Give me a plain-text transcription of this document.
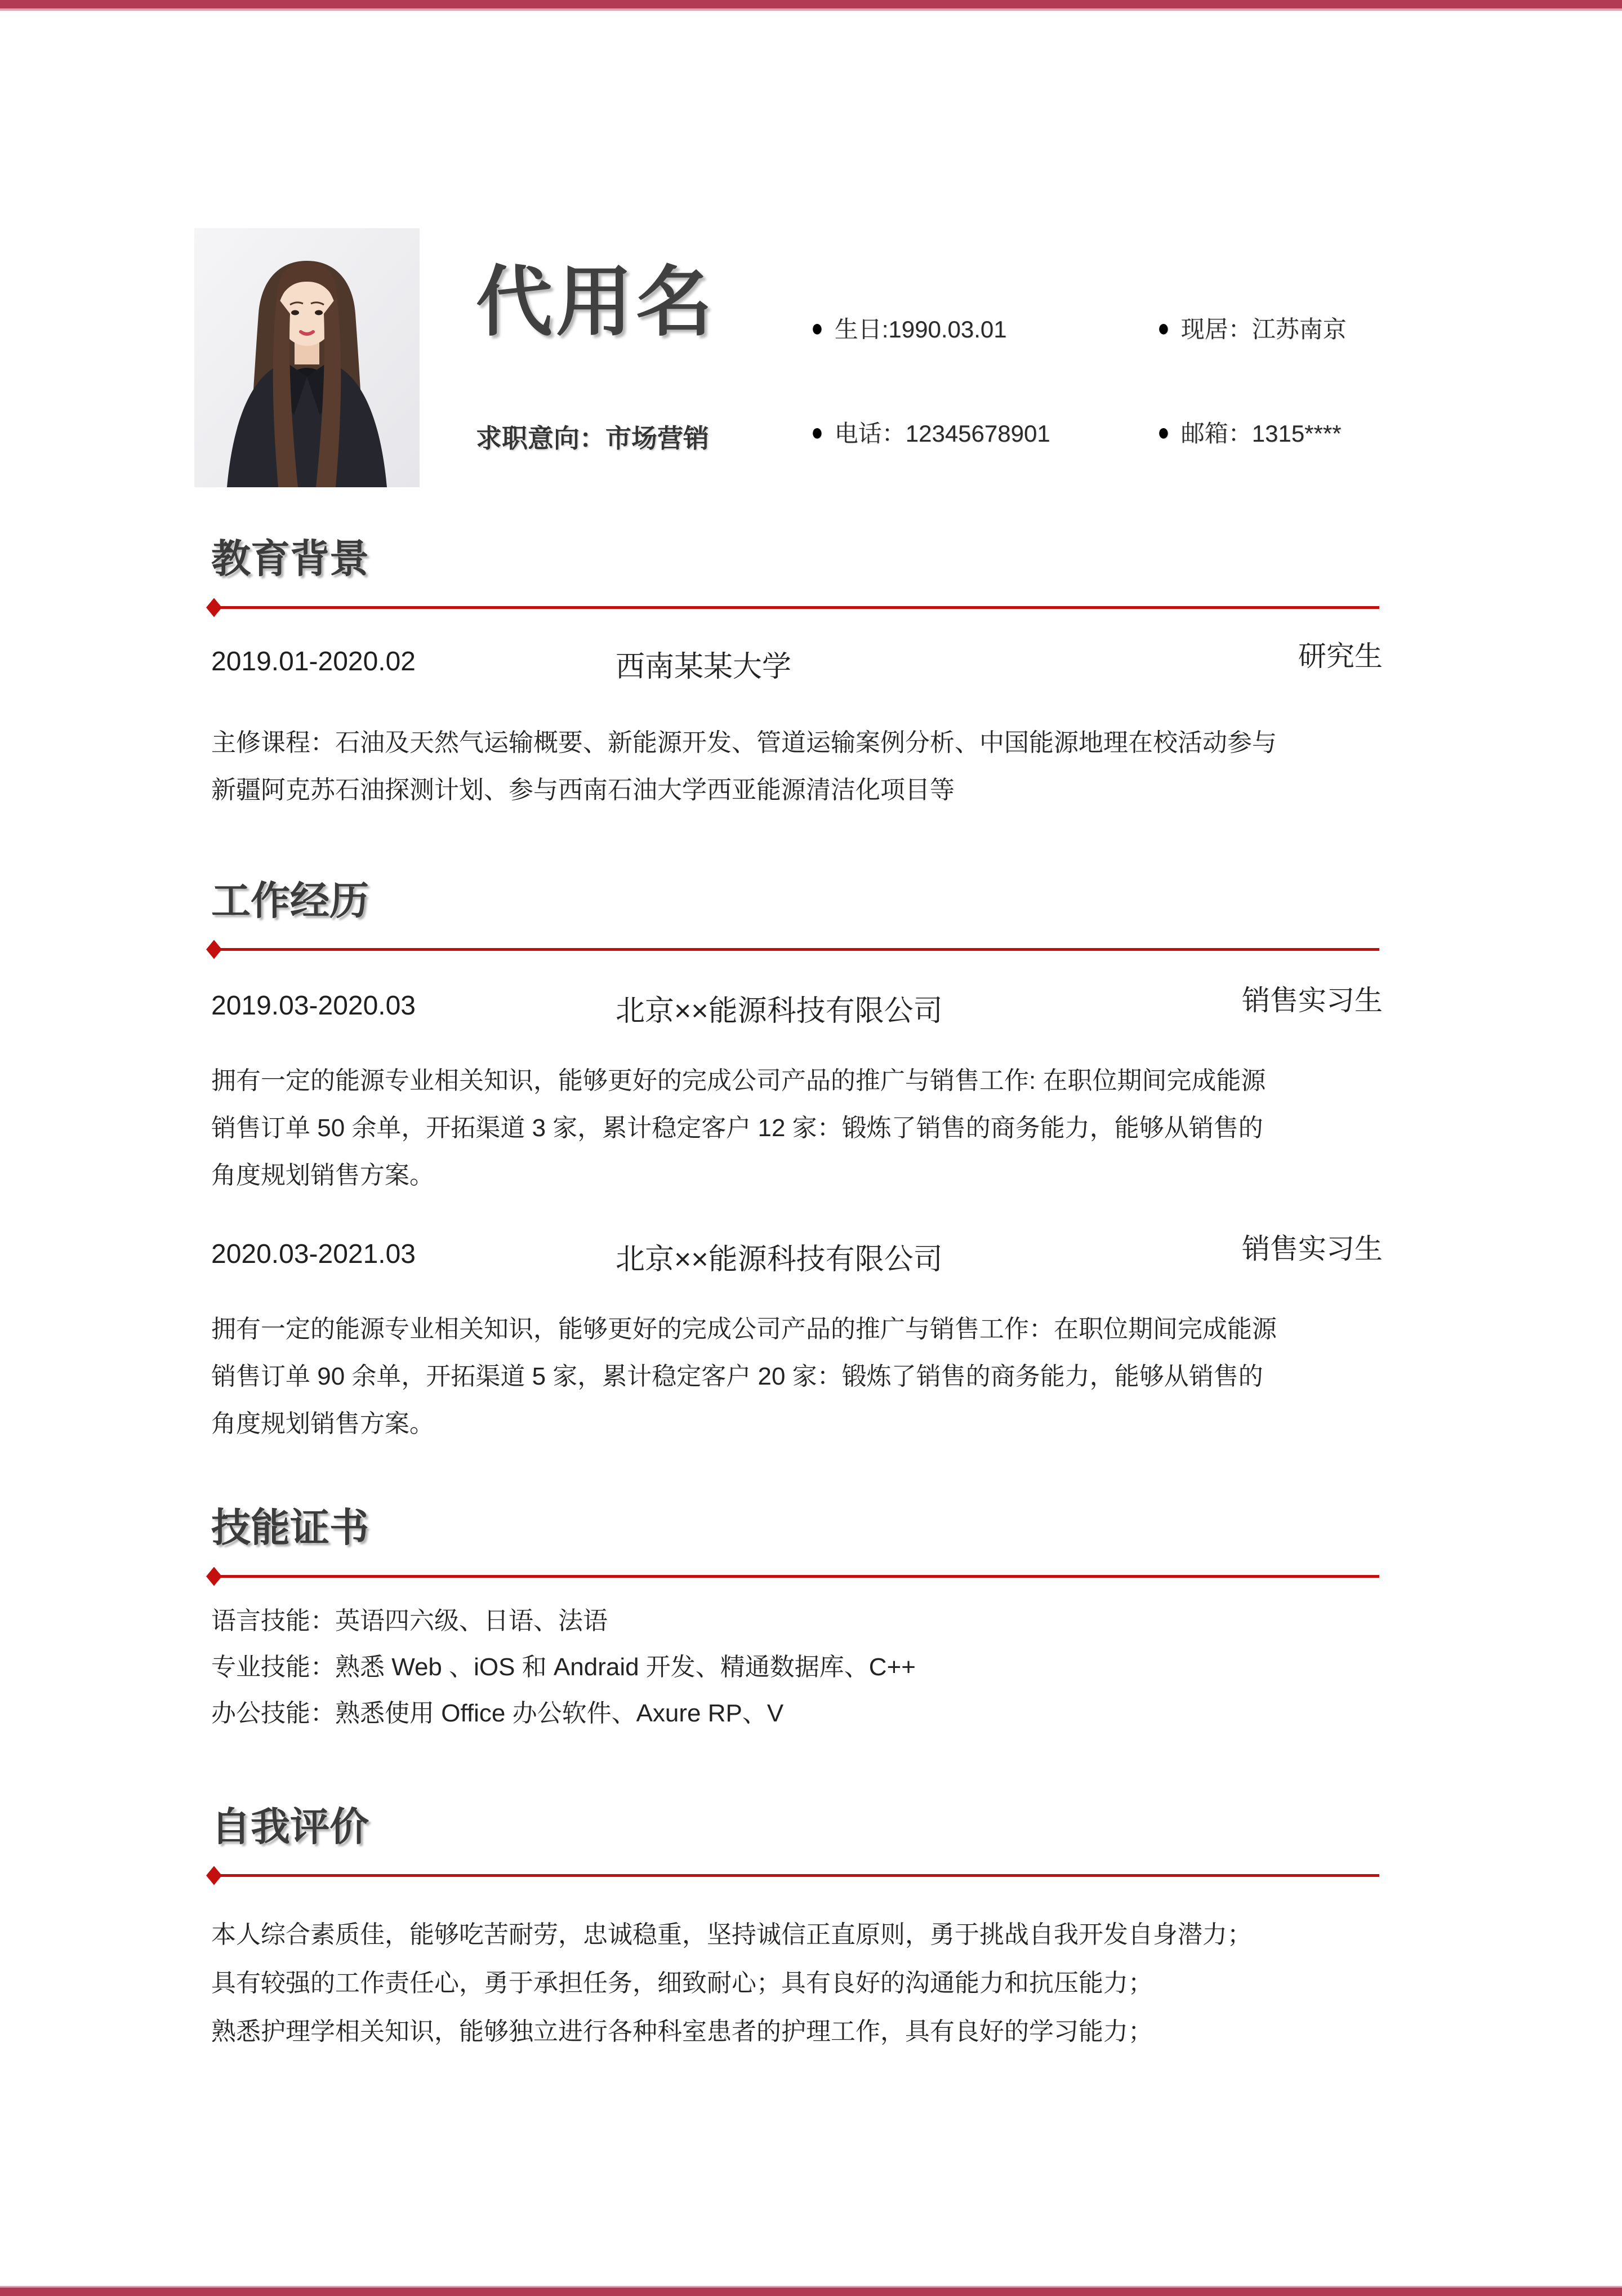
代用名
求职意向：市场营销
● 生日:1990.03.01	● 现居：江苏南京
● 电话：12345678901	● 邮箱：1315****
教育背景
2019.01-2020.02	西南某某大学	研究生
主修课程：石油及天然气运输概要、新能源开发、管道运输案例分析、中国能源地理在校活动参与
新疆阿克苏石油探测计划、参与西南石油大学西亚能源清洁化项目等
工作经历
2019.03-2020.03	北京××能源科技有限公司	销售实习生
拥有一定的能源专业相关知识，能够更好的完成公司产品的推广与销售工作: 在职位期间完成能源
销售订单 50 余单，开拓渠道 3 家，累计稳定客户 12 家：锻炼了销售的商务能力，能够从销售的
角度规划销售方案。
2020.03-2021.03	北京××能源科技有限公司	销售实习生
拥有一定的能源专业相关知识，能够更好的完成公司产品的推广与销售工作：在职位期间完成能源
销售订单 90 余单，开拓渠道 5 家，累计稳定客户 20 家：锻炼了销售的商务能力，能够从销售的
角度规划销售方案。
技能证书
语言技能：英语四六级、日语、法语
专业技能：熟悉 Web 、iOS 和 Andraid 开发、精通数据库、C++
办公技能：熟悉使用 Office 办公软件、Axure RP、V
自我评价
本人综合素质佳，能够吃苦耐劳，忠诚稳重，坚持诚信正直原则，勇于挑战自我开发自身潜力；
具有较强的工作责任心，勇于承担任务，细致耐心；具有良好的沟通能力和抗压能力；
熟悉护理学相关知识，能够独立进行各种科室患者的护理工作，具有良好的学习能力；
